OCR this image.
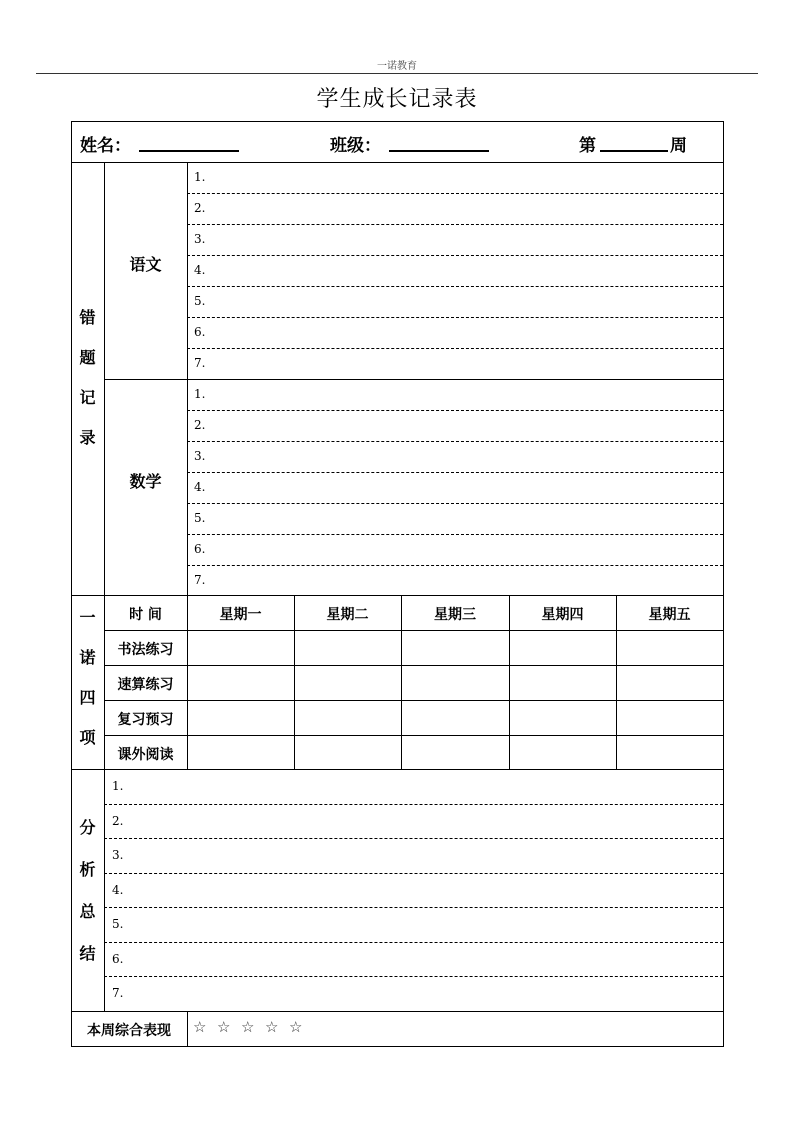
一诺教育
学生成长记录表
姓名：	班级：	第	周
错
题
记
录
语文
1.
2.
3.
4.
5.
6.
7.
数学
1.
2.
3.
4.
5.
6.
7.
一
诺
四
项
时 间	星期一	星期二	星期三	星期四	星期五
书法练习
速算练习
复习预习
课外阅读
分
析
总
结
1.
2.
3.
4.
5.
6.
7.
本周综合表现	☆ ☆ ☆ ☆ ☆
